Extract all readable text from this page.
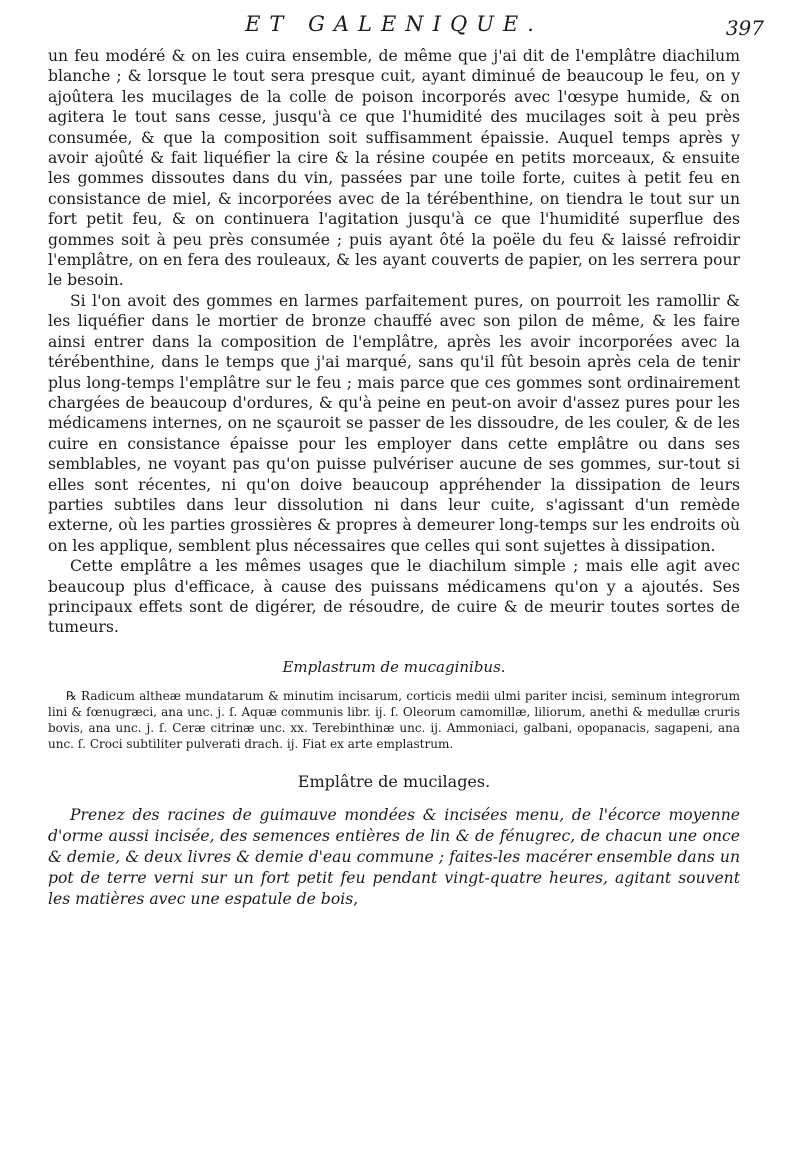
ET GALENIQUE.	397

un feu modéré & on les cuira ensemble, de même que j'ai dit de l'emplâtre diachilum blanche ; & lorsque le tout sera presque cuit, ayant diminué de beaucoup le feu, on y ajoûtera les mucilages de la colle de poison incorporés avec l'œsype humide, & on agitera le tout sans cesse, jusqu'à ce que l'humidité des mucilages soit à peu près consumée, & que la composition soit suffisamment épaissie. Auquel temps après y avoir ajoûté & fait liquéfier la cire & la résine coupée en petits morceaux, & ensuite les gommes dissoutes dans du vin, passées par une toile forte, cuites à petit feu en consistance de miel, & incorporées avec de la térébenthine, on tiendra le tout sur un fort petit feu, & on continuera l'agitation jusqu'à ce que l'humidité superflue des gommes soit à peu près consumée ; puis ayant ôté la poële du feu & laissé refroidir l'emplâtre, on en fera des rouleaux, & les ayant couverts de papier, on les serrera pour le besoin.

Si l'on avoit des gommes en larmes parfaitement pures, on pourroit les ramollir & les liquéfier dans le mortier de bronze chauffé avec son pilon de même, & les faire ainsi entrer dans la composition de l'emplâtre, après les avoir incorporées avec la térébenthine, dans le temps que j'ai marqué, sans qu'il fût besoin après cela de tenir plus long-temps l'emplâtre sur le feu ; mais parce que ces gommes sont ordinairement chargées de beaucoup d'ordures, & qu'à peine en peut-on avoir d'assez pures pour les médicamens internes, on ne sçauroit se passer de les dissoudre, de les couler, & de les cuire en consistance épaisse pour les employer dans cette emplâtre ou dans ses semblables, ne voyant pas qu'on puisse pulvériser aucune de ses gommes, sur-tout si elles sont récentes, ni qu'on doive beaucoup appréhender la dissipation de leurs parties subtiles dans leur dissolution ni dans leur cuite, s'agissant d'un remède externe, où les parties grossières & propres à demeurer long-temps sur les endroits où on les applique, semblent plus nécessaires que celles qui sont sujettes à dissipation.

Cette emplâtre a les mêmes usages que le diachilum simple ; mais elle agit avec beaucoup plus d'efficace, à cause des puissans médicamens qu'on y a ajoutés. Ses principaux effets sont de digérer, de résoudre, de cuire & de meurir toutes sortes de tumeurs.

Emplastrum de mucaginibus.

℞ Radicum altheæ mundatarum & minutim incisarum, corticis medii ulmi pariter incisi, seminum integrorum lini & fœnugræci, ana unc. j. ſ. Aquæ communis libr. ij. ſ. Oleorum camomillæ, liliorum, anethi & medullæ cruris bovis, ana unc. j. ſ. Ceræ citrinæ unc. xx. Terebinthinæ unc. ij. Ammoniaci, galbani, opopanacis, sagapeni, ana unc. ſ. Croci subtiliter pulverati drach. ij. Fiat ex arte emplastrum.

Emplâtre de mucilages.

Prenez des racines de guimauve mondées & incisées menu, de l'écorce moyenne d'orme aussi incisée, des semences entières de lin & de fénugrec, de chacun une once & demie, & deux livres & demie d'eau commune ; faites-les macérer ensemble dans un pot de terre verni sur un fort petit feu pendant vingt-quatre heures, agitant souvent les matières avec une espatule de bois,
